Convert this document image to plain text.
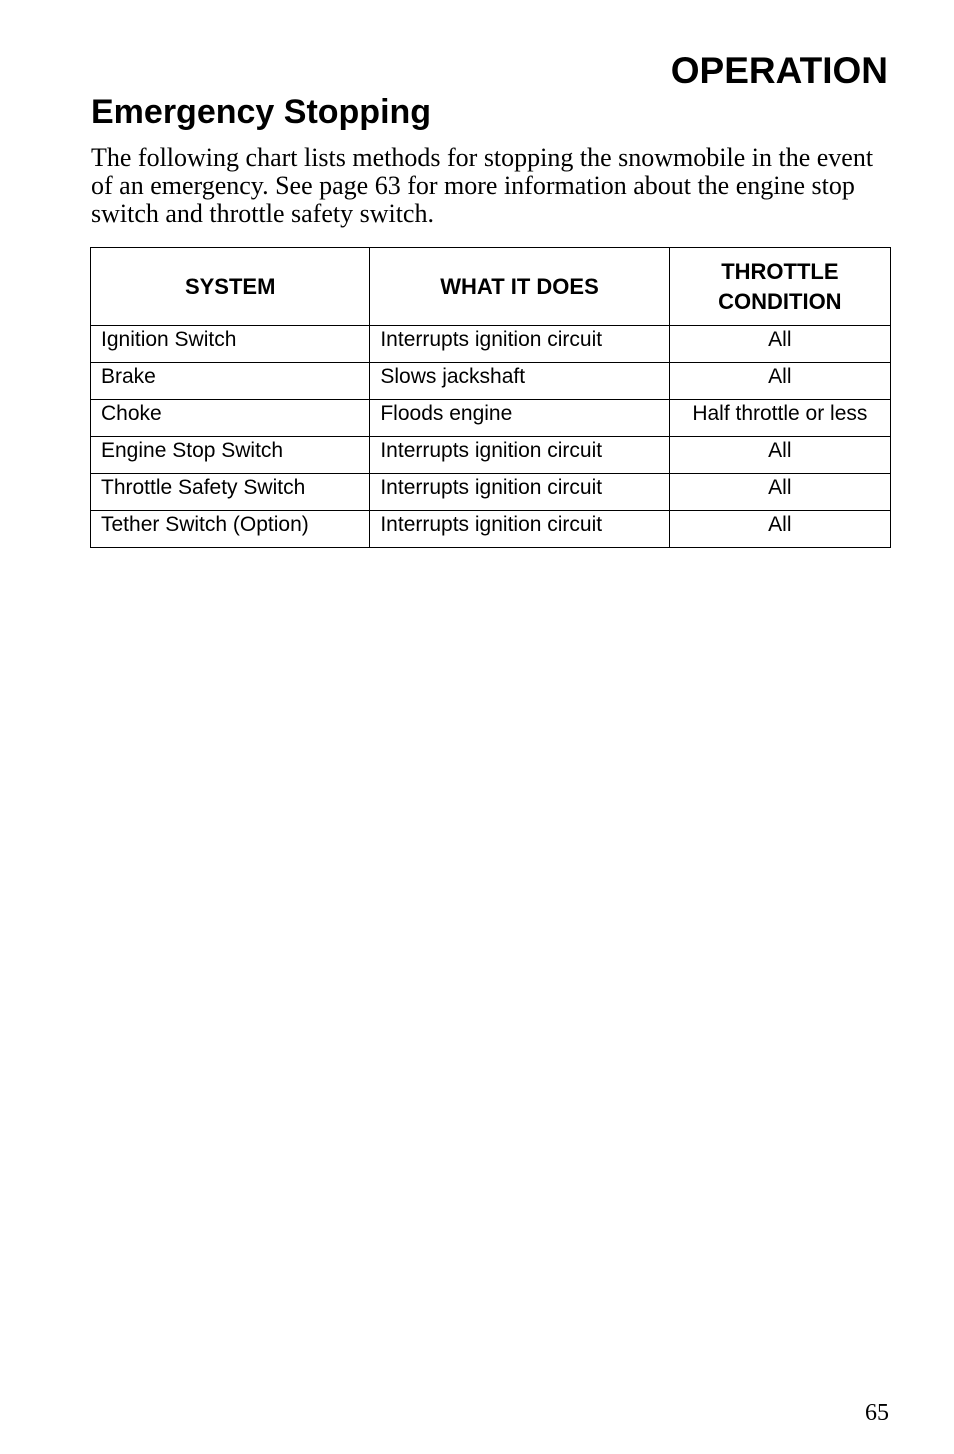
OPERATION
Emergency Stopping

The following chart lists methods for stopping the snowmobile in the event of an emergency. See page 63 for more information about the engine stop switch and throttle safety switch.

SYSTEM	WHAT IT DOES	THROTTLE
CONDITION

Ignition Switch	Interrupts ignition circuit	All
Brake	Slows jackshaft	All
Choke	Floods engine	Half throttle or less
Engine Stop Switch	Interrupts ignition circuit	All
Throttle Safety Switch	Interrupts ignition circuit	All
Tether Switch (Option)	Interrupts ignition circuit	All

65
